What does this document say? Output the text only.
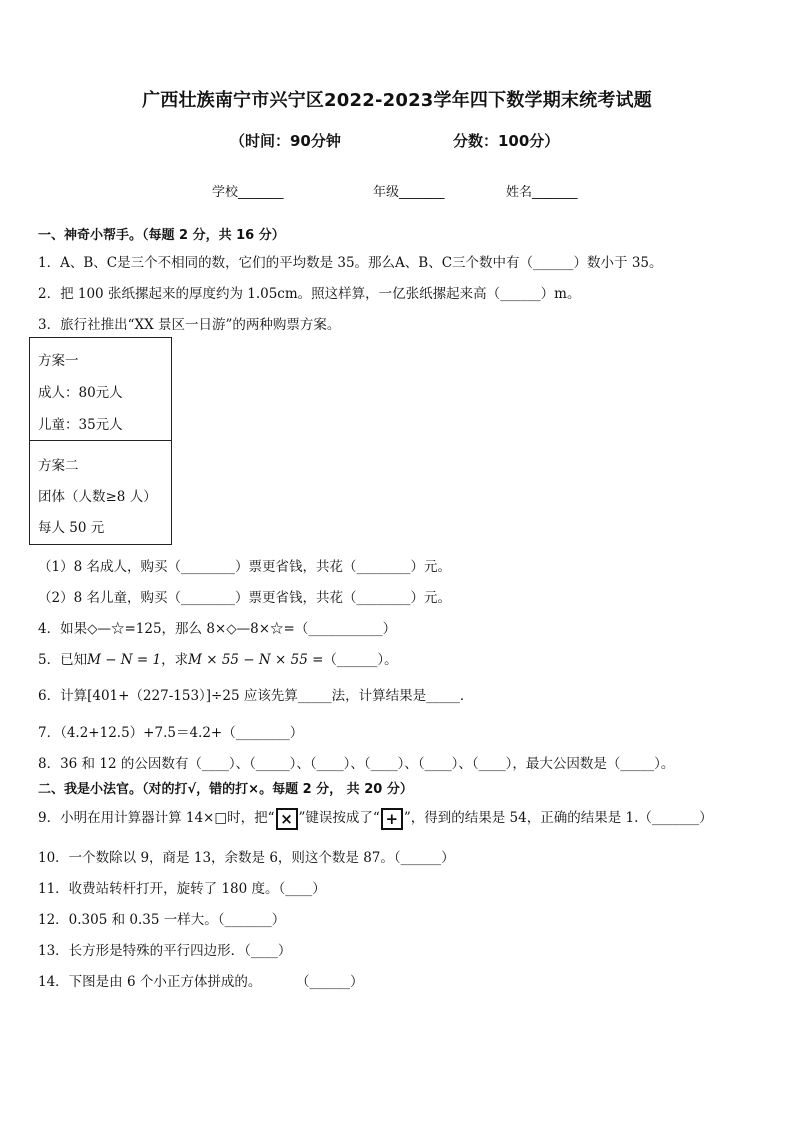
广西壮族南宁市兴宁区2022-2023学年四下数学期末统考试题
（时间：90分钟	分数：100分）
学校_______	年级_______	姓名_______
一、神奇小帮手。（每题 2 分，共 16 分）
1．A、B、C是三个不相同的数，它们的平均数是 35。那么A、B、C三个数中有（______）数小于 35。
2．把 100 张纸摞起来的厚度约为 1.05cm。照这样算，一亿张纸摞起来高（______）m。
3．旅行社推出“XX 景区一日游”的两种购票方案。
方案一
成人：80元人
儿童：35元人
方案二
团体（人数≥8 人）
每人 50 元
（1）8 名成人，购买（________）票更省钱，共花（________）元。
（2）8 名儿童，购买（________）票更省钱，共花（________）元。
4．如果◇—☆=125，那么 8×◇—8×☆=（___________）
5．已知M − N = 1，求M × 55 − N × 55 =（______）。
6．计算[401+（227-153）]÷25 应该先算_____法，计算结果是_____．
7．（4.2+12.5）+7.5＝4.2+（________）
8．36 和 12 的公因数有（____）、（_____）、（____）、（____）、（____）、（____），最大公因数是（_____）。
二、我是小法官。（对的打√，错的打×。每题 2 分， 共 20 分）
9．小明在用计算器计算 14×□时，把“ × ”键误按成了“ + ”，得到的结果是 54，正确的结果是 1.（_______）
10．一个数除以 9，商是 13，余数是 6，则这个数是 87。（______）
11．收费站转杆打开，旋转了 180 度。（____）
12．0.305 和 0.35 一样大。（_______）
13．长方形是特殊的平行四边形．（____）
14．下图是由 6 个小正方体拼成的。	（______）
